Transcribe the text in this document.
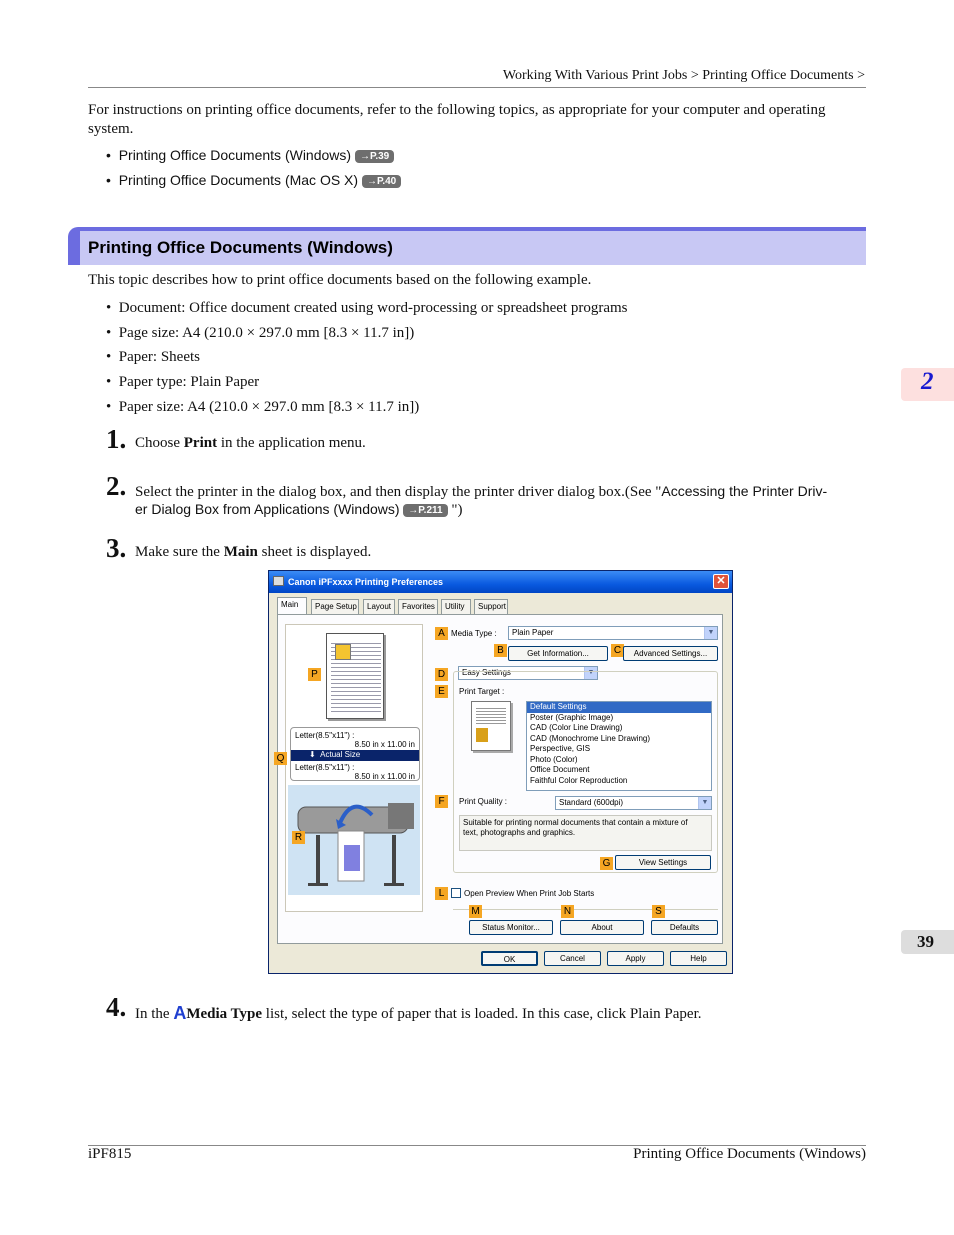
Working With Various Print Jobs > Printing Office Documents >
For instructions on printing office documents, refer to the following topics, as appropriate for your computer and operating system.
•  Printing Office Documents (Windows) →P.39
•  Printing Office Documents (Mac OS X) →P.40
Printing Office Documents (Windows)
This topic describes how to print office documents based on the following example.
•  Document: Office document created using word-processing or spreadsheet programs
•  Page size: A4 (210.0 × 297.0 mm [8.3 × 11.7 in])
•  Paper: Sheets
•  Paper type: Plain Paper
•  Paper size: A4 (210.0 × 297.0 mm [8.3 × 11.7 in])
1. Choose Print in the application menu.
2. Select the printer in the dialog box, and then display the printer driver dialog box.(See "Accessing the Printer Driv-
er Dialog Box from Applications (Windows) →P.211 ")
3. Make sure the Main sheet is displayed.
Canon iPFxxxx Printing Preferences	✕
Main	Page Setup	Layout	Favorites	Utility	Support
Letter(8.5"x11") :
8.50 in x 11.00 in
⬇ Actual Size
Letter(8.5"x11") :
8.50 in x 11.00 in
A Media Type :	Plain Paper	▼
B	Get Information...	C	Advanced Settings...
D	Easy Settings	▼
E	Print Target :
Default Settings
Poster (Graphic Image)
CAD (Color Line Drawing)
CAD (Monochrome Line Drawing)
Perspective, GIS
Photo (Color)
Office Document
Faithful Color Reproduction
F	Print Quality :	Standard (600dpi)	▼
Suitable for printing normal documents that contain a mixture of text, photographs and graphics.
G	View Settings
L	Open Preview When Print Job Starts
M	N	S
Status Monitor...	About	Defaults
P
Q
R
OK	Cancel	Apply	Help
4. In the AMedia Type list, select the type of paper that is loaded. In this case, click Plain Paper.
2
39
iPF815	Printing Office Documents (Windows)
